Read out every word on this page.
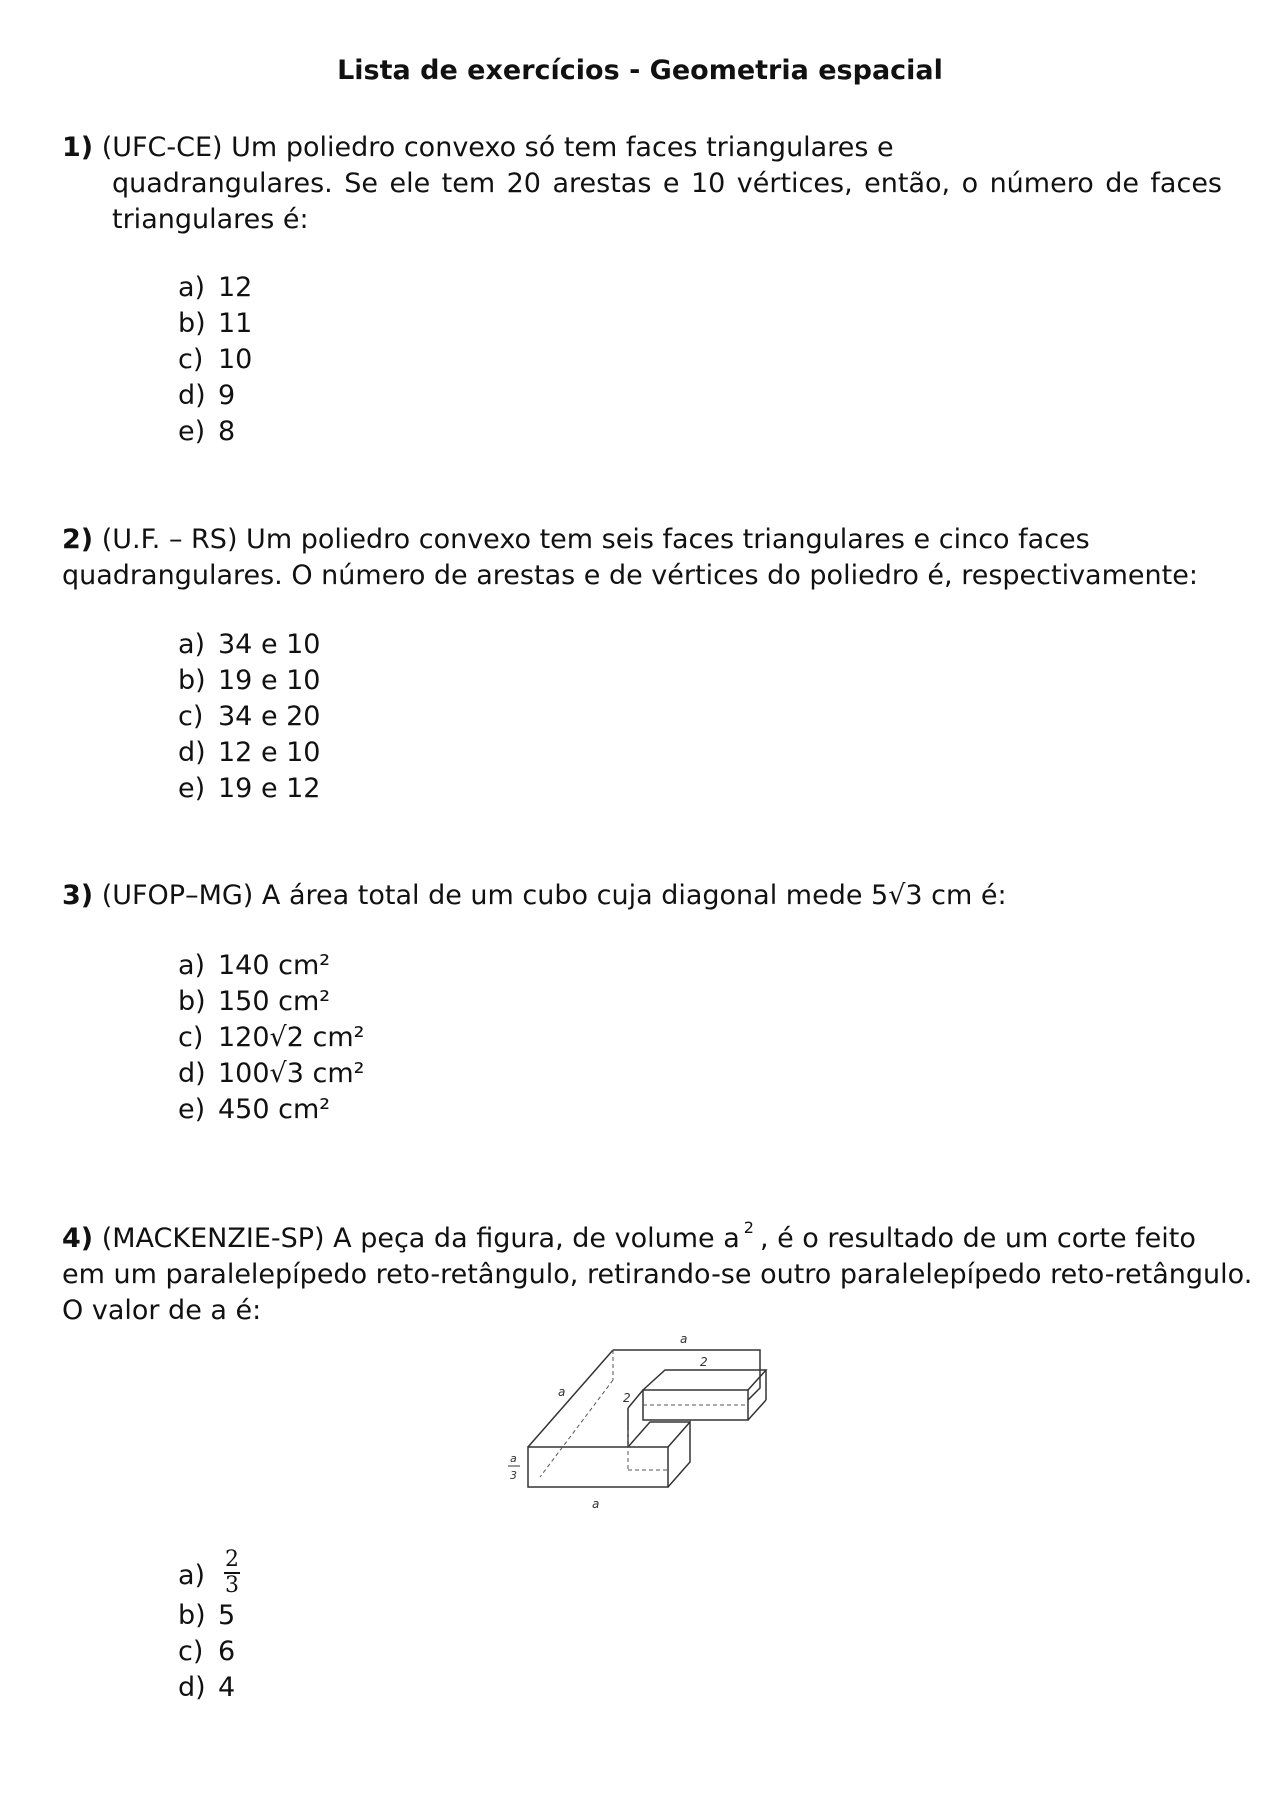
Lista de exercícios - Geometria espacial
1) (UFC-CE) Um poliedro convexo só tem faces triangulares e
quadrangulares. Se ele tem 20 arestas e 10 vértices, então, o número de faces
triangulares é:
a) 12
b) 11
c) 10
d) 9
e) 8
2) (U.F. – RS) Um poliedro convexo tem seis faces triangulares e cinco faces
quadrangulares. O número de arestas e de vértices do poliedro é, respectivamente:
a) 34 e 10
b) 19 e 10
c) 34 e 20
d) 12 e 10
e) 19 e 12
3) (UFOP–MG) A área total de um cubo cuja diagonal mede 5√3 cm é:
a) 140 cm²
b) 150 cm²
c) 120√2 cm²
d) 100√3 cm²
e) 450 cm²
4) (MACKENZIE-SP) A peça da figura, de volume a $^2$ , é o resultado de um corte feito
em um paralelepípedo reto-retângulo, retirando-se outro paralelepípedo reto-retângulo.
O valor de a é:
a
2
a	2
a
3
a
$a) \frac{2}{3}$
b) 5
c) 6
d) 4
